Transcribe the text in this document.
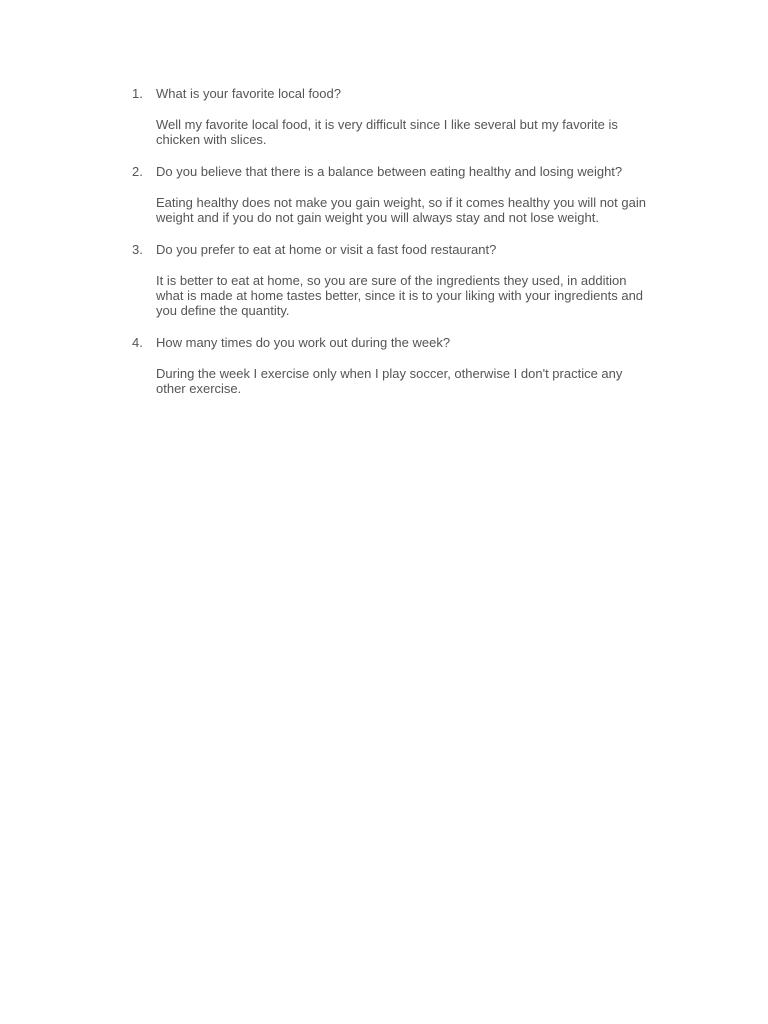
1.	What is your favorite local food?
Well my favorite local food, it is very difficult since I like several but my favorite is chicken with slices.
2.	Do you believe that there is a balance between eating healthy and losing weight?
Eating healthy does not make you gain weight, so if it comes healthy you will not gain weight and if you do not gain weight you will always stay and not lose weight.
3.	Do you prefer to eat at home or visit a fast food restaurant?
It is better to eat at home, so you are sure of the ingredients they used, in addition what is made at home tastes better, since it is to your liking with your ingredients and you define the quantity.
4.	How many times do you work out during the week?
During the week I exercise only when I play soccer, otherwise I don't practice any other exercise.
